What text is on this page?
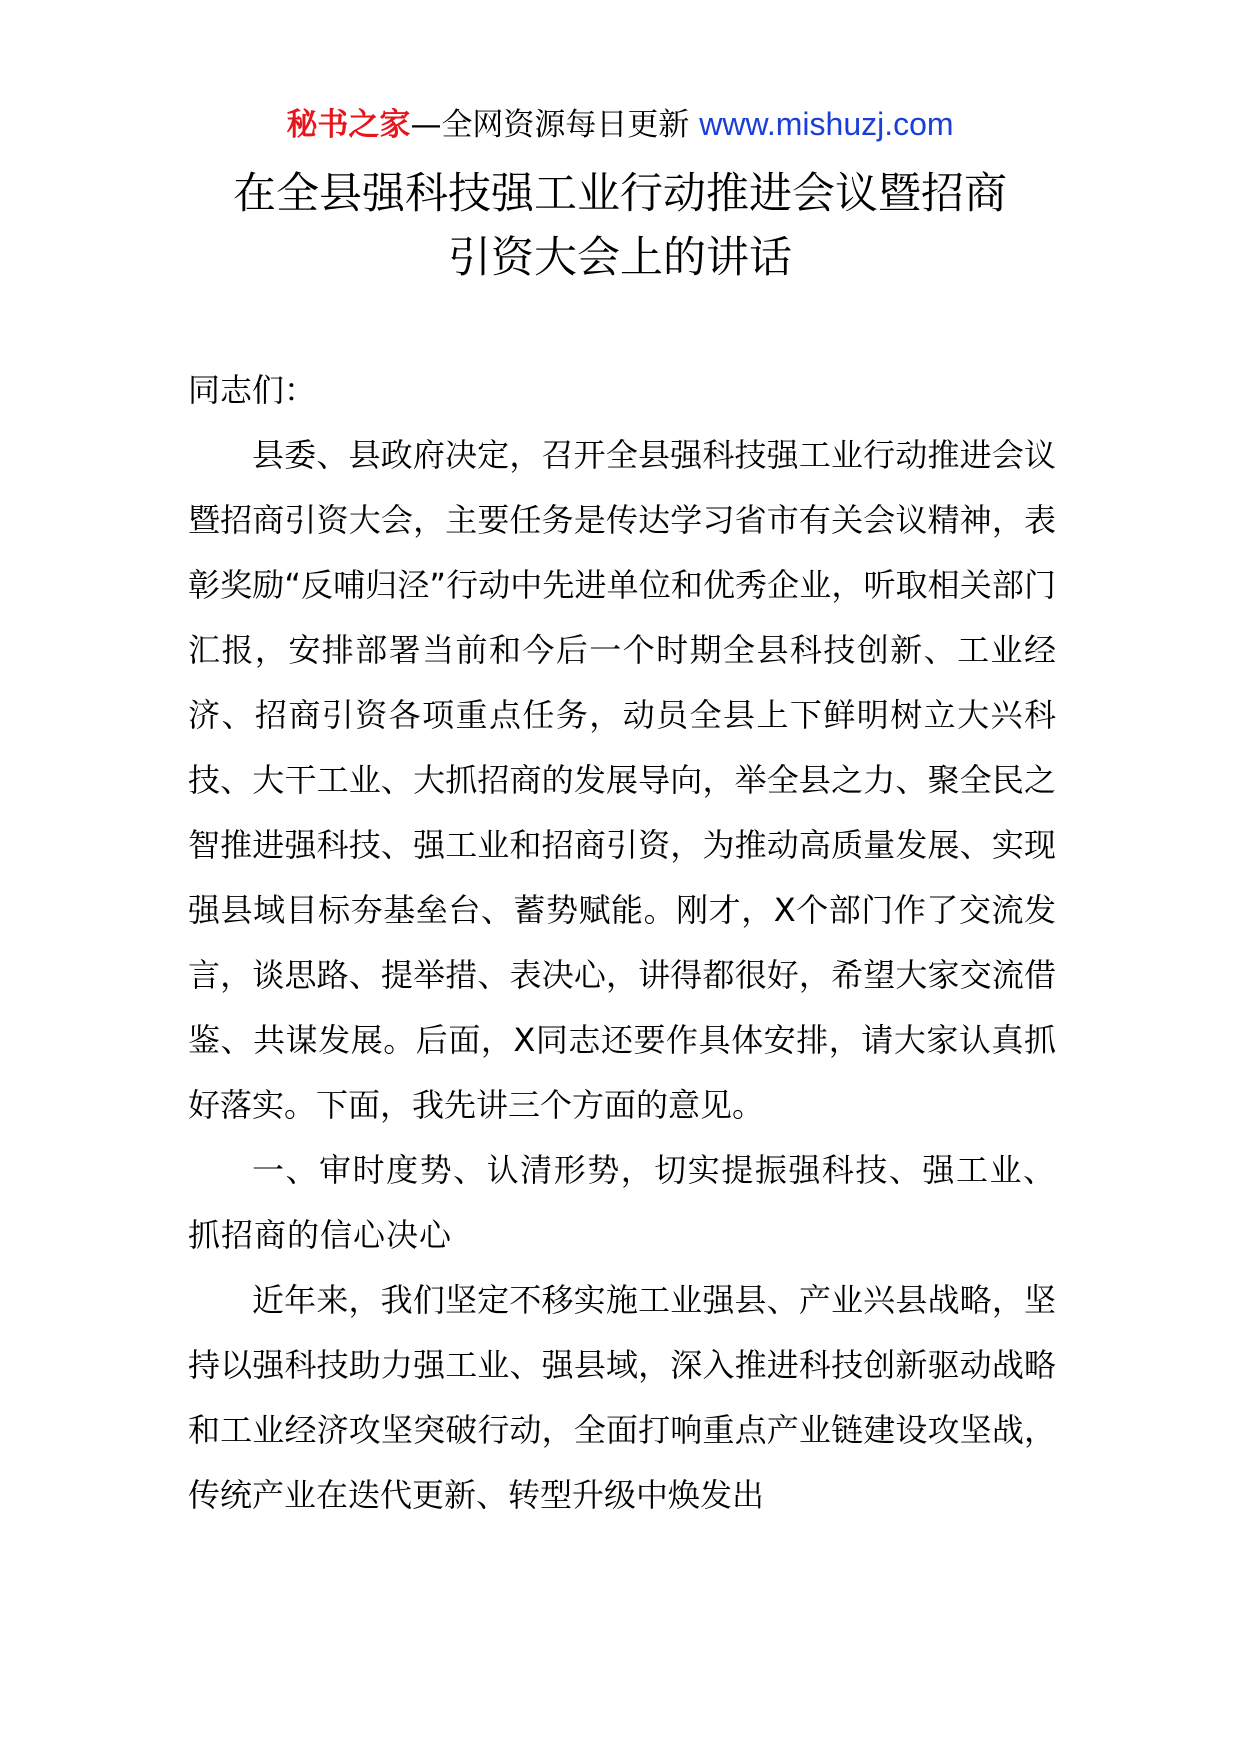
秘书之家—全网资源每日更新 www.mishuzj.com
在全县强科技强工业行动推进会议暨招商
引资大会上的讲话

同志们：

县委、县政府决定，召开全县强科技强工业行动推进会议暨招商引资大会，主要任务是传达学习省市有关会议精神，表彰奖励“反哺归泾”行动中先进单位和优秀企业，听取相关部门汇报，安排部署当前和今后一个时期全县科技创新、工业经济、招商引资各项重点任务，动员全县上下鲜明树立大兴科技、大干工业、大抓招商的发展导向，举全县之力、聚全民之智推进强科技、强工业和招商引资，为推动高质量发展、实现强县域目标夯基垒台、蓄势赋能。刚才，X个部门作了交流发言，谈思路、提举措、表决心，讲得都很好，希望大家交流借鉴、共谋发展。后面，X同志还要作具体安排，请大家认真抓好落实。下面，我先讲三个方面的意见。

一、审时度势、认清形势，切实提振强科技、强工业、抓招商的信心决心

近年来，我们坚定不移实施工业强县、产业兴县战略，坚持以强科技助力强工业、强县域，深入推进科技创新驱动战略和工业经济攻坚突破行动，全面打响重点产业链建设攻坚战，传统产业在迭代更新、转型升级中焕发出
